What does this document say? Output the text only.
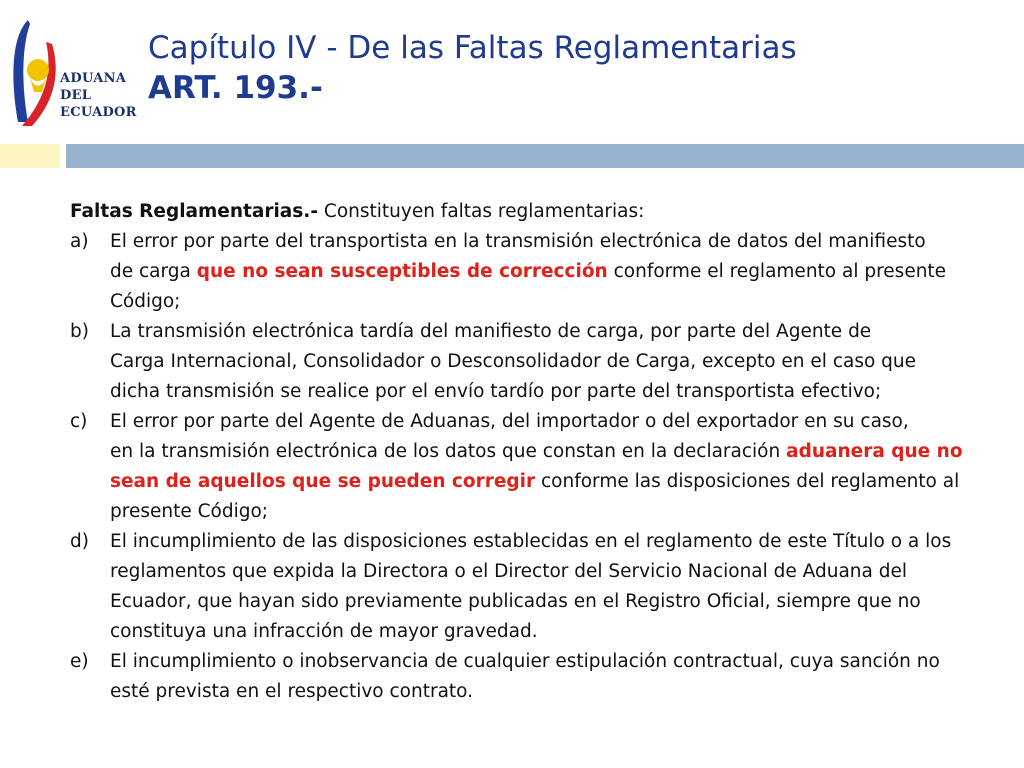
ADUANA
DEL
ECUADOR
Capítulo IV - De las Faltas Reglamentarias
ART. 193.-
Faltas Reglamentarias.- Constituyen faltas reglamentarias:
a) El error por parte del transportista en la transmisión electrónica de datos del manifiesto
de carga que no sean susceptibles de corrección conforme el reglamento al presente
Código;
b) La transmisión electrónica tardía del manifiesto de carga, por parte del Agente de
Carga Internacional, Consolidador o Desconsolidador de Carga, excepto en el caso que
dicha transmisión se realice por el envío tardío por parte del transportista efectivo;
c) El error por parte del Agente de Aduanas, del importador o del exportador en su caso,
en la transmisión electrónica de los datos que constan en la declaración aduanera que no
sean de aquellos que se pueden corregir conforme las disposiciones del reglamento al
presente Código;
d) El incumplimiento de las disposiciones establecidas en el reglamento de este Título o a los
reglamentos que expida la Directora o el Director del Servicio Nacional de Aduana del
Ecuador, que hayan sido previamente publicadas en el Registro Oficial, siempre que no
constituya una infracción de mayor gravedad.
e) El incumplimiento o inobservancia de cualquier estipulación contractual, cuya sanción no
esté prevista en el respectivo contrato.
